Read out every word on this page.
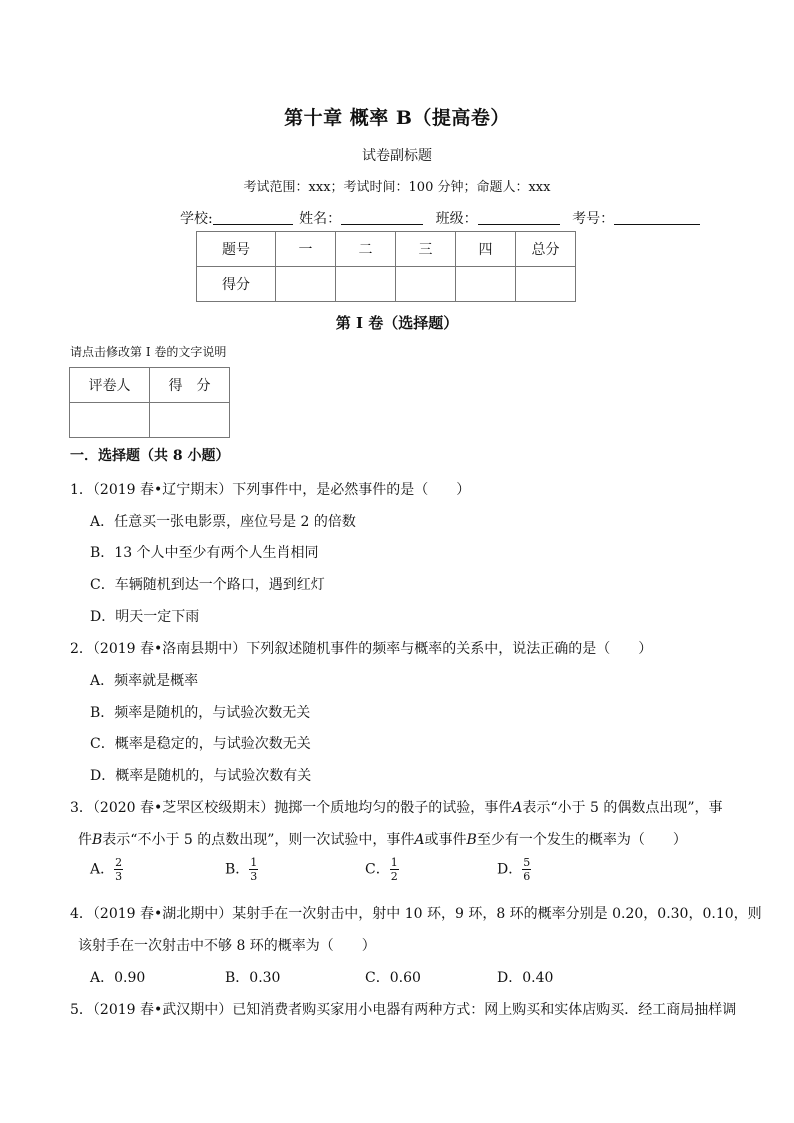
第十章 概率 B（提高卷）
试卷副标题
考试范围：xxx；考试时间：100 分钟；命题人：xxx
学校:	姓名：	班级：	考号：
题号	一	二	三	四	总分
得分					
第 I 卷（选择题）
请点击修改第 I 卷的文字说明
评卷人	得　分

一．选择题（共 8 小题）
1．（2019 春•辽宁期末）下列事件中，是必然事件的是（　　）
A．任意买一张电影票，座位号是 2 的倍数
B．13 个人中至少有两个人生肖相同
C．车辆随机到达一个路口，遇到红灯
D．明天一定下雨
2．（2019 春•洛南县期中）下列叙述随机事件的频率与概率的关系中，说法正确的是（　　）
A．频率就是概率
B．频率是随机的，与试验次数无关
C．概率是稳定的，与试验次数无关
D．概率是随机的，与试验次数有关
3．（2020 春•芝罘区校级期末）抛掷一个质地均匀的骰子的试验，事件A表示“小于 5 的偶数点出现”，事
件B表示“不小于 5 的点数出现”，则一次试验中，事件A或事件B至少有一个发生的概率为（　　）
A． $\frac{2}{3}$	B． $\frac{1}{3}$	C． $\frac{1}{2}$	D． $\frac{5}{6}$
4．（2019 春•湖北期中）某射手在一次射击中，射中 10 环，9 环，8 环的概率分别是 0.20，0.30，0.10，则
该射手在一次射击中不够 8 环的概率为（　　）
A．0.90	B．0.30	C．0.60	D．0.40
5．（2019 春•武汉期中）已知消费者购买家用小电器有两种方式：网上购买和实体店购买．经工商局抽样调
